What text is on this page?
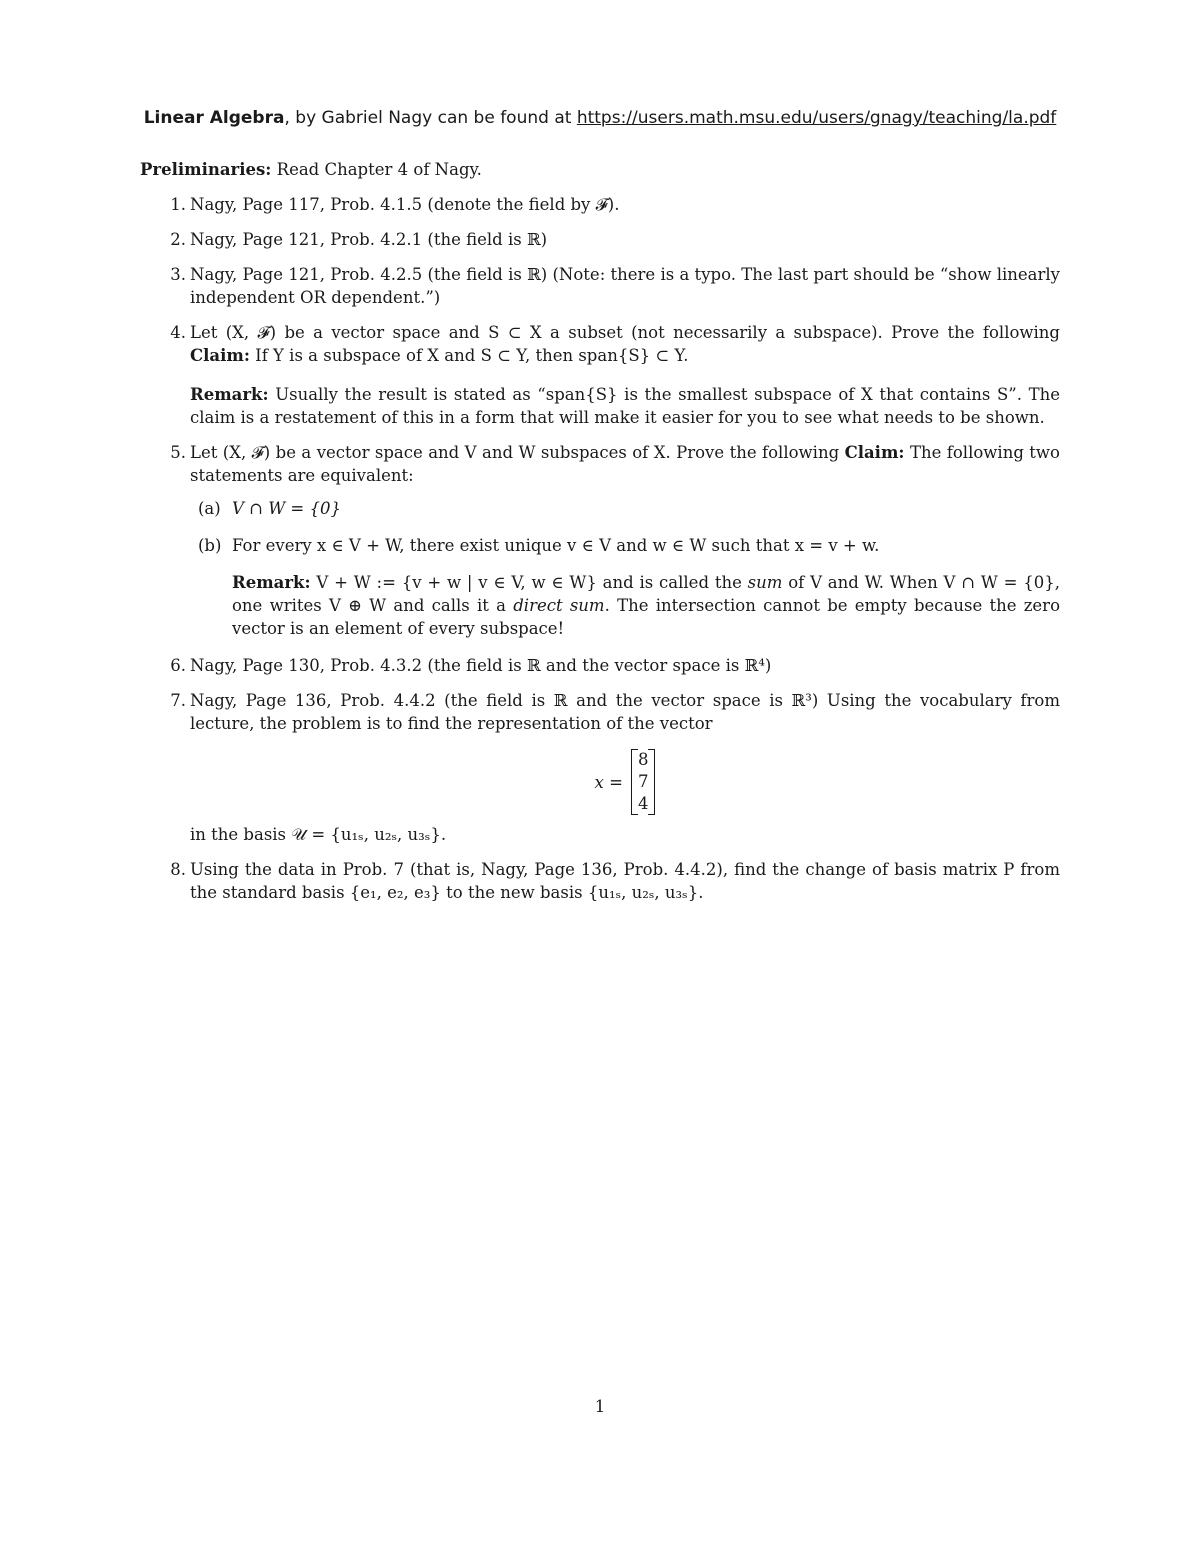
Linear Algebra, by Gabriel Nagy can be found at https://users.math.msu.edu/users/gnagy/teaching/la.pdf

Preliminaries: Read Chapter 4 of Nagy.

1. Nagy, Page 117, Prob. 4.1.5 (denote the field by 𝓕).
2. Nagy, Page 121, Prob. 4.2.1 (the field is ℝ)
3. Nagy, Page 121, Prob. 4.2.5 (the field is ℝ) (Note: there is a typo. The last part should be “show linearly independent OR dependent.”)
4. Let (X, 𝓕) be a vector space and S ⊂ X a subset (not necessarily a subspace). Prove the following Claim: If Y is a subspace of X and S ⊂ Y, then span{S} ⊂ Y.
Remark: Usually the result is stated as “span{S} is the smallest subspace of X that contains S”. The claim is a restatement of this in a form that will make it easier for you to see what needs to be shown.
5. Let (X, 𝓕) be a vector space and V and W subspaces of X. Prove the following Claim: The following two statements are equivalent:
(a) V ∩ W = {0}
(b) For every x ∈ V + W, there exist unique v ∈ V and w ∈ W such that x = v + w.
Remark: V + W := {v + w | v ∈ V, w ∈ W} and is called the sum of V and W. When V ∩ W = {0}, one writes V ⊕ W and calls it a direct sum. The intersection cannot be empty because the zero vector is an element of every subspace!
6. Nagy, Page 130, Prob. 4.3.2 (the field is ℝ and the vector space is ℝ⁴)
7. Nagy, Page 136, Prob. 4.4.2 (the field is ℝ and the vector space is ℝ³) Using the vocabulary from lecture, the problem is to find the representation of the vector
x =
8
7
4
in the basis 𝒰 = {u₁ₛ, u₂ₛ, u₃ₛ}.
8. Using the data in Prob. 7 (that is, Nagy, Page 136, Prob. 4.4.2), find the change of basis matrix P from the standard basis {e₁, e₂, e₃} to the new basis {u₁ₛ, u₂ₛ, u₃ₛ}.
1
